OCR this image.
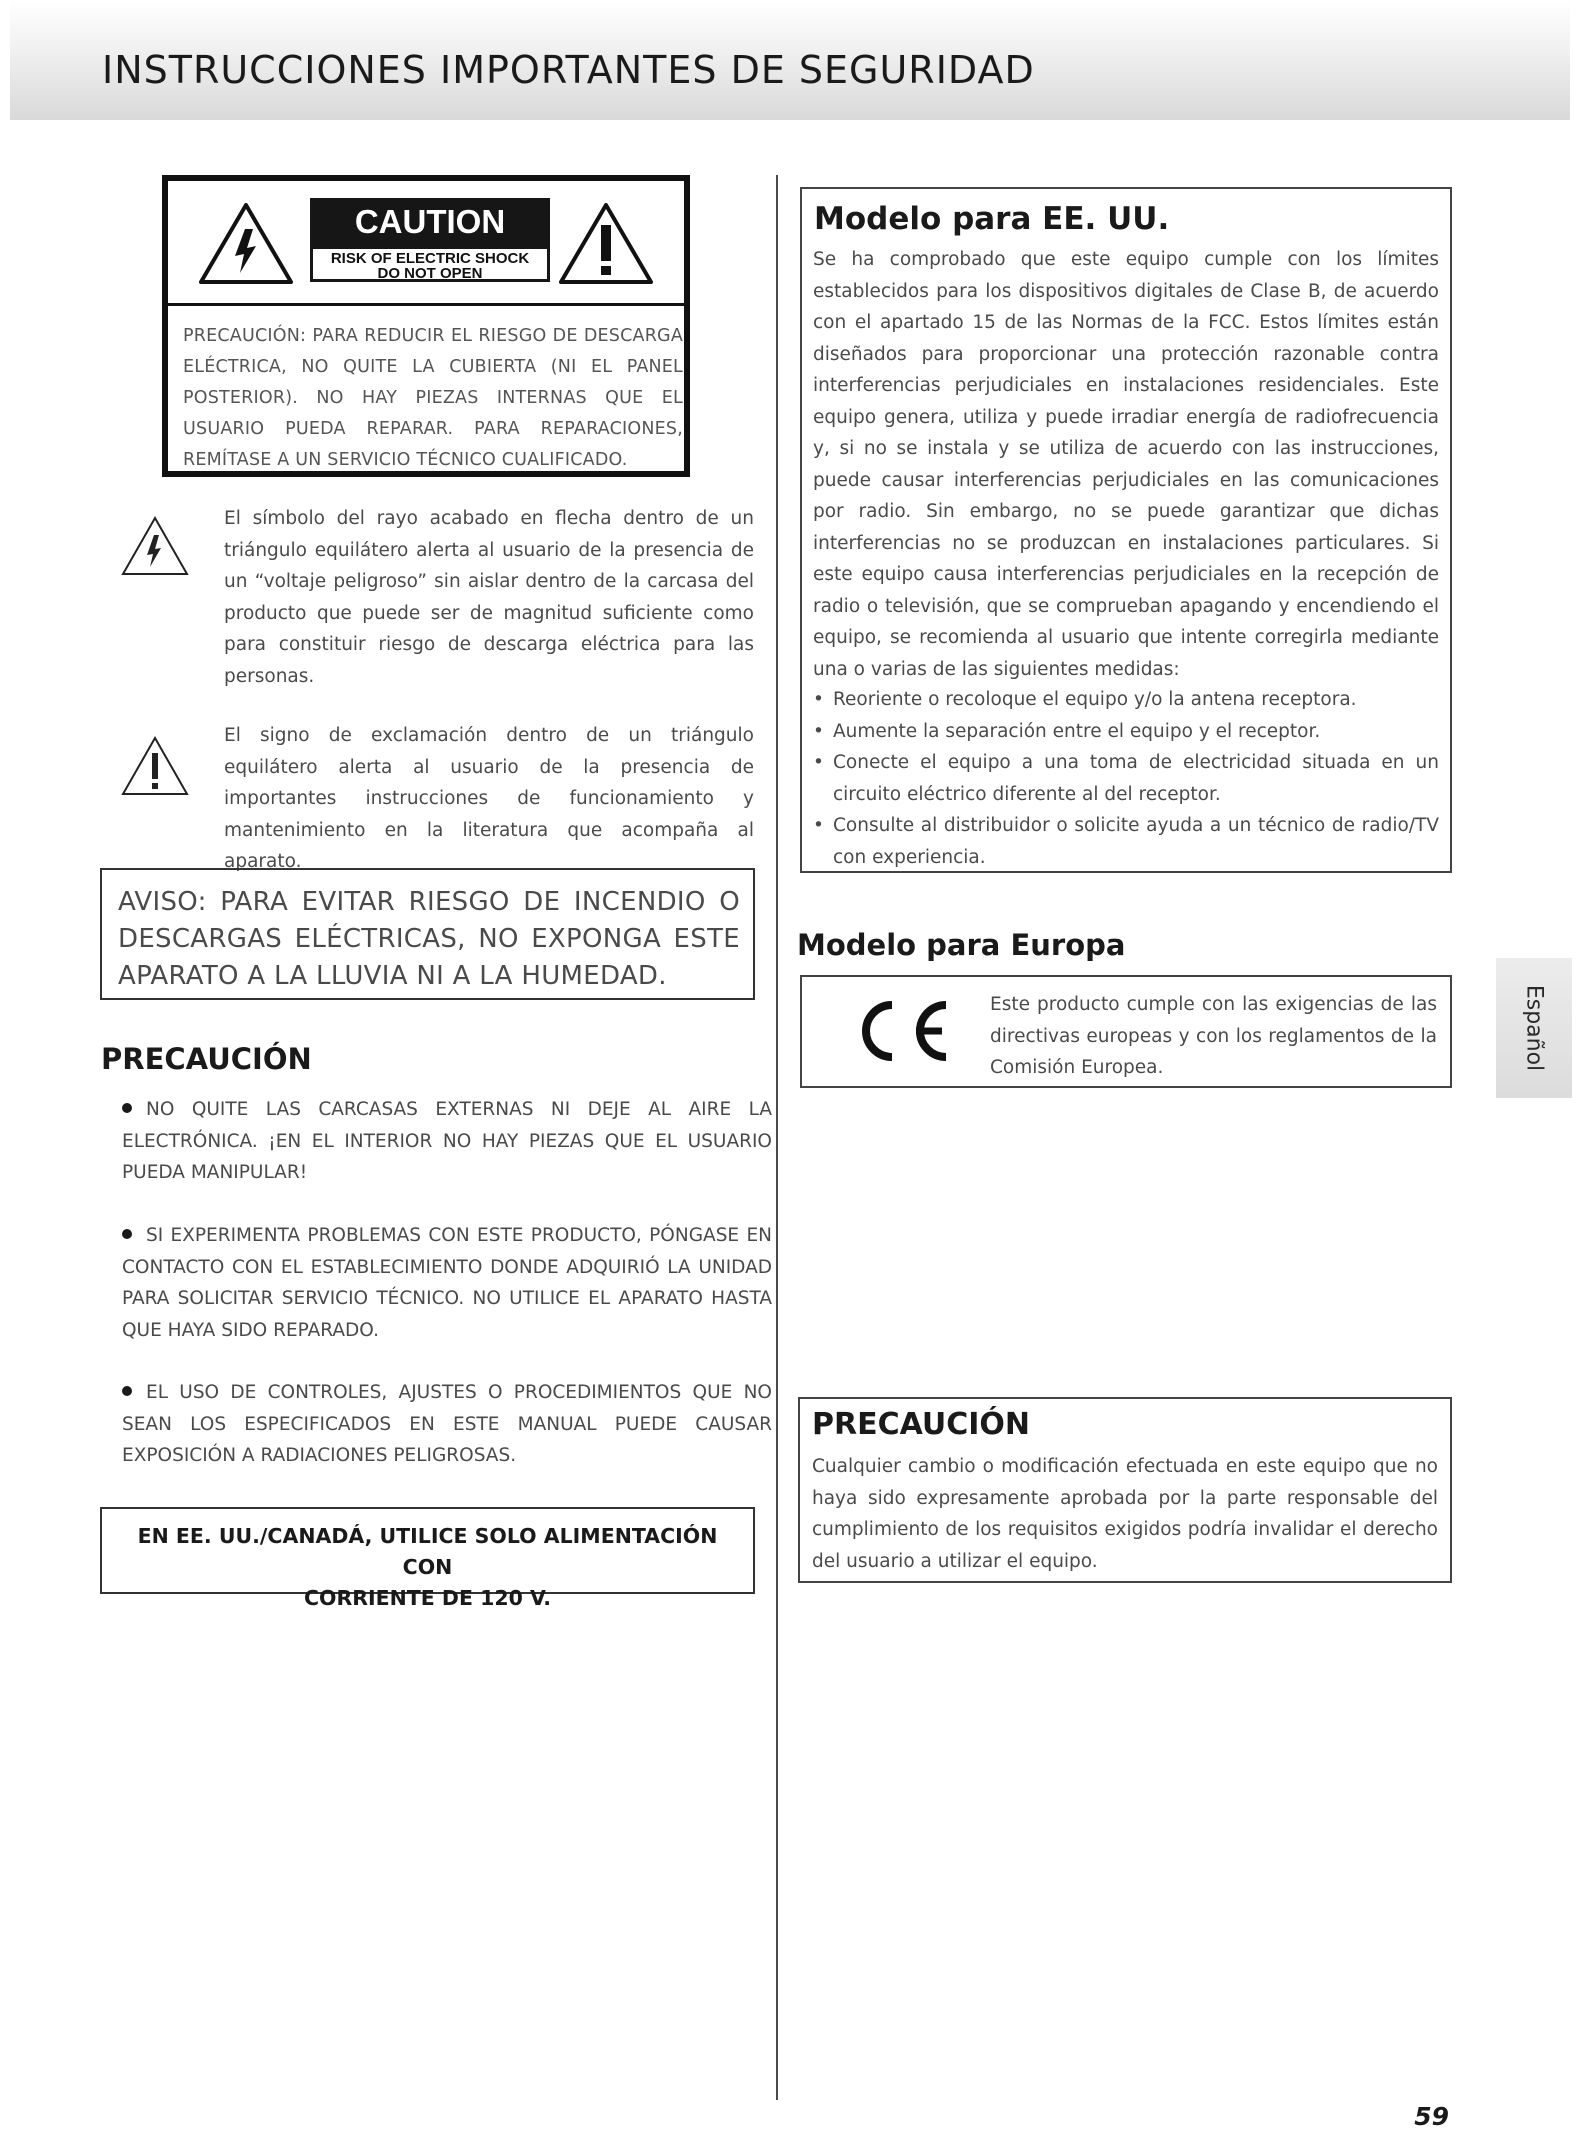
INSTRUCCIONES IMPORTANTES DE SEGURIDAD
CAUTION
RISK OF ELECTRIC SHOCK
DO NOT OPEN
PRECAUCIÓN: PARA REDUCIR EL RIESGO DE DESCARGA ELÉCTRICA, NO QUITE LA CUBIERTA (NI EL PANEL POSTERIOR). NO HAY PIEZAS INTERNAS QUE EL USUARIO PUEDA REPARAR. PARA REPARACIONES, REMÍTASE A UN SERVICIO TÉCNICO CUALIFICADO.

El símbolo del rayo acabado en flecha dentro de un triángulo equilátero alerta al usuario de la presencia de un “voltaje peligroso” sin aislar dentro de la carcasa del producto que puede ser de magnitud suficiente como para constituir riesgo de descarga eléctrica para las personas.

El signo de exclamación dentro de un triángulo equilátero alerta al usuario de la presencia de importantes instrucciones de funcionamiento y mantenimiento en la literatura que acompaña al aparato.

AVISO: PARA EVITAR RIESGO DE INCENDIO O DESCARGAS ELÉCTRICAS, NO EXPONGA ESTE APARATO A LA LLUVIA NI A LA HUMEDAD.

PRECAUCIÓN

NO QUITE LAS CARCASAS EXTERNAS NI DEJE AL AIRE LA ELECTRÓNICA. ¡EN EL INTERIOR NO HAY PIEZAS QUE EL USUARIO PUEDA MANIPULAR!

SI EXPERIMENTA PROBLEMAS CON ESTE PRODUCTO, PÓNGASE EN CONTACTO CON EL ESTABLECIMIENTO DONDE ADQUIRIÓ LA UNIDAD PARA SOLICITAR SERVICIO TÉCNICO. NO UTILICE EL APARATO HASTA QUE HAYA SIDO REPARADO.

EL USO DE CONTROLES, AJUSTES O PROCEDIMIENTOS QUE NO SEAN LOS ESPECIFICADOS EN ESTE MANUAL PUEDE CAUSAR EXPOSICIÓN A RADIACIONES PELIGROSAS.

EN EE. UU./CANADÁ, UTILICE SOLO ALIMENTACIÓN CON
CORRIENTE DE 120 V.

Modelo para EE. UU.

Se ha comprobado que este equipo cumple con los límites establecidos para los dispositivos digitales de Clase B, de acuerdo con el apartado 15 de las Normas de la FCC. Estos límites están diseñados para proporcionar una protección razonable contra interferencias perjudiciales en instalaciones residenciales. Este equipo genera, utiliza y puede irradiar energía de radiofrecuencia y, si no se instala y se utiliza de acuerdo con las instrucciones, puede causar interferencias perjudiciales en las comunicaciones por radio. Sin embargo, no se puede garantizar que dichas interferencias no se produzcan en instalaciones particulares. Si este equipo causa interferencias perjudiciales en la recepción de radio o televisión, que se comprueban apagando y encendiendo el equipo, se recomienda al usuario que intente corregirla mediante una o varias de las siguientes medidas:

• Reoriente o recoloque el equipo y/o la antena receptora.
• Aumente la separación entre el equipo y el receptor.
• Conecte el equipo a una toma de electricidad situada en un circuito eléctrico diferente al del receptor.
• Consulte al distribuidor o solicite ayuda a un técnico de radio/TV con experiencia.
Modelo para Europa

Este producto cumple con las exigencias de las directivas europeas y con los reglamentos de la Comisión Europea.

PRECAUCIÓN

Cualquier cambio o modificación efectuada en este equipo que no haya sido expresamente aprobada por la parte responsable del cumplimiento de los requisitos exigidos podría invalidar el derecho del usuario a utilizar el equipo.

Español
59
